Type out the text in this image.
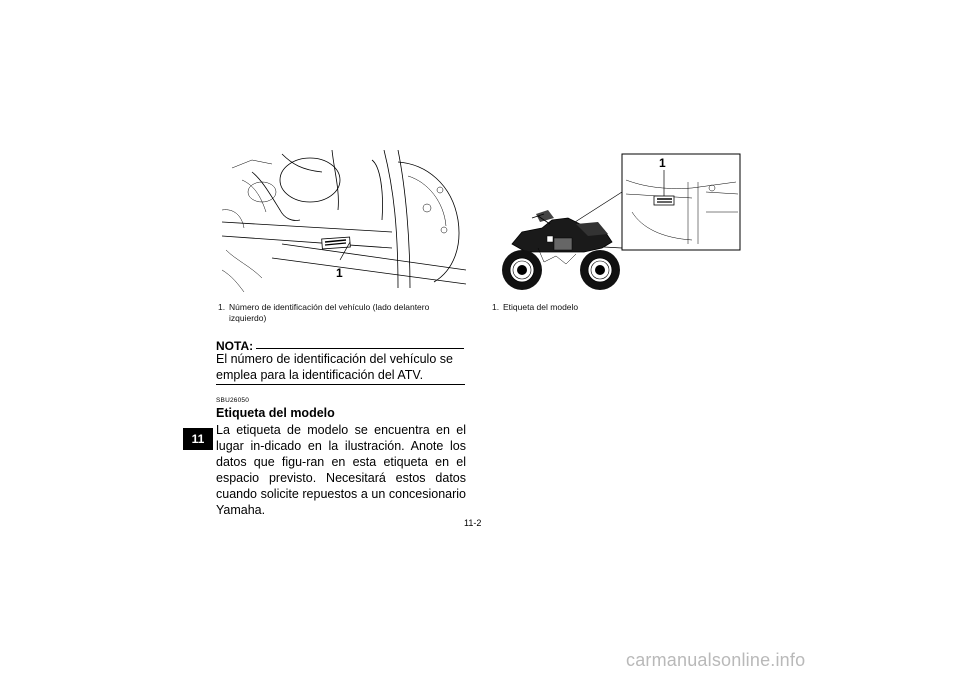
1
1
1. Número de identificación del vehículo (lado delantero izquierdo)
1. Etiqueta del modelo
NOTA:
El número de identificación del vehículo se emplea para la identificación del ATV.
SBU26050
Etiqueta del modelo
La etiqueta de modelo se encuentra en el lugar in-dicado en la ilustración. Anote los datos que figu-ran en esta etiqueta en el espacio previsto. Necesitará estos datos cuando solicite repuestos a un concesionario Yamaha.
11
11-2
carmanualsonline.info
